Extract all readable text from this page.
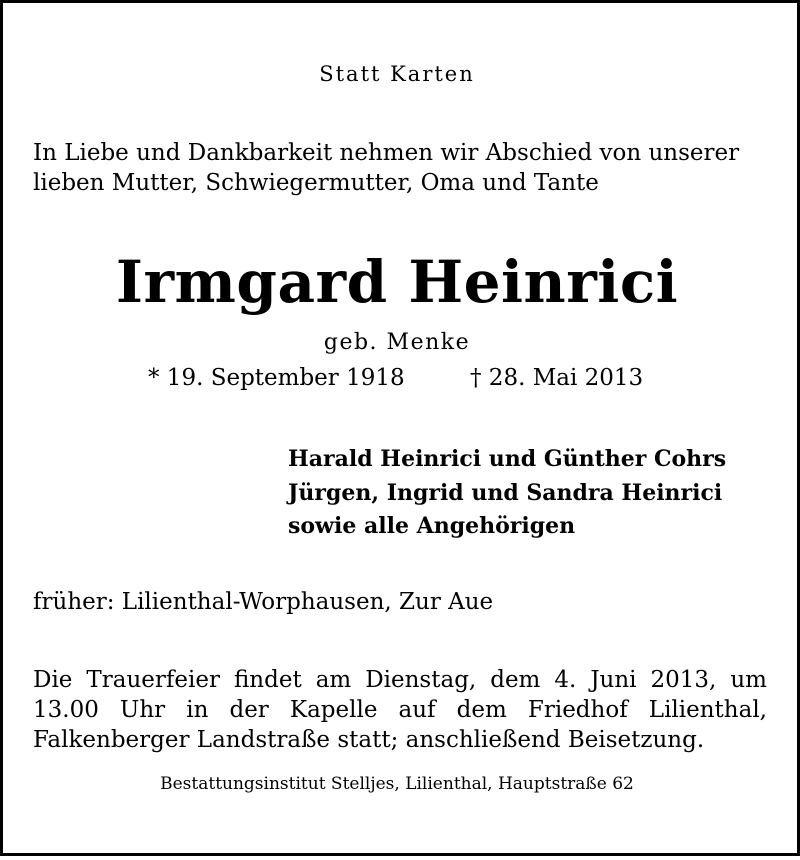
Statt Karten
In Liebe und Dankbarkeit nehmen wir Abschied von unserer
lieben Mutter, Schwiegermutter, Oma und Tante
Irmgard Heinrici
geb. Menke
* 19. September 1918	† 28. Mai 2013
Harald Heinrici und Günther Cohrs
Jürgen, Ingrid und Sandra Heinrici
sowie alle Angehörigen
früher: Lilienthal-Worphausen, Zur Aue
Die Trauerfeier findet am Dienstag, dem 4. Juni 2013, um
13.00 Uhr in der Kapelle auf dem Friedhof Lilienthal,
Falkenberger Landstraße statt; anschließend Beisetzung.
Bestattungsinstitut Stelljes, Lilienthal, Hauptstraße 62
